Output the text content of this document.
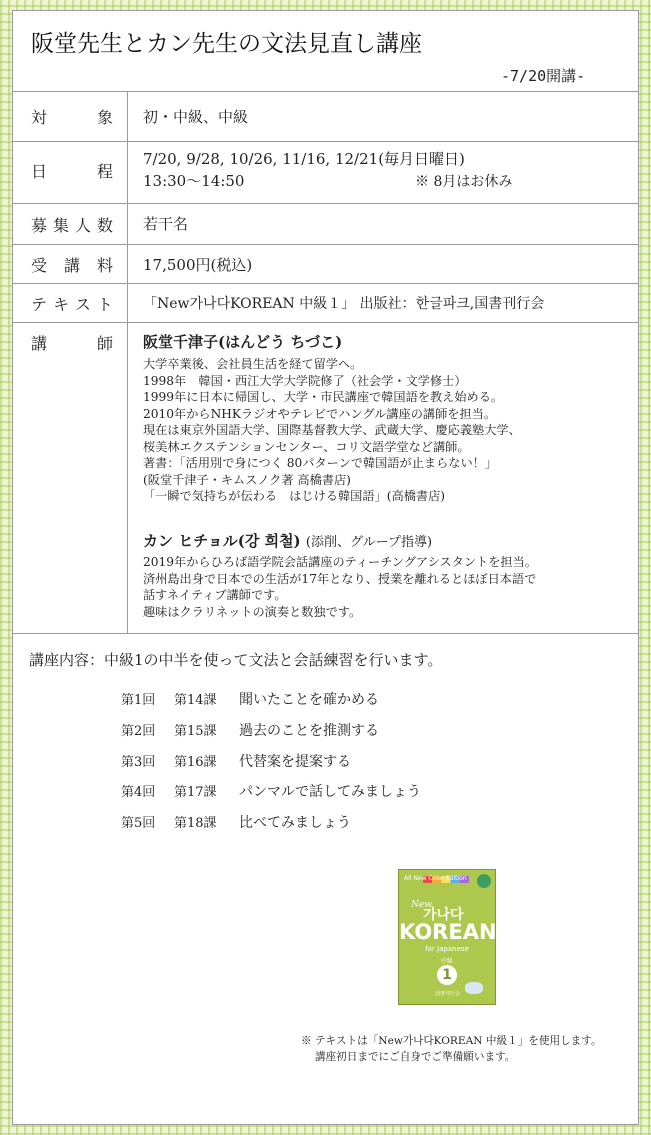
阪堂先生とカン先生の文法見直し講座
-7/20開講-
対　象 初・中級、中級
日　程
7/20, 9/28, 10/26, 11/16, 12/21(毎月日曜日)
13:30〜14:50	※ 8月はお休み
募集人数 若干名
受講料 17,500円(税込)
テキスト 「New가나다KOREAN 中級１」 出版社：한글파크,国書刊行会
講　師 阪堂千津子(はんどう ちづこ)
大学卒業後、会社員生活を経て留学へ。
1998年　韓国・西江大学大学院修了（社会学・文学修士）
1999年に日本に帰国し、大学・市民講座で韓国語を教え始める。
2010年からNHKラジオやテレビでハングル講座の講師を担当。
現在は東京外国語大学、国際基督教大学、武蔵大学、慶応義塾大学、
桜美林エクステンションセンター、コリ文語学堂など講師。
著書：「活用別で身につく 80パターンで韓国語が止まらない！」
(阪堂千津子・キムスノク著 高橋書店)
「一瞬で気持ちが伝わる　はじける韓国語」(高橋書店)
カン ヒチョル(강 희철) (添削、グループ指導)
2019年からひろば語学院会話講座のティーチングアシスタントを担当。
済州島出身で日本での生活が17年となり、授業を離れるとほぼ日本語で
話すネイティブ講師です。
趣味はクラリネットの演奏と数独です。
講座内容：中級1の中半を使って文法と会話練習を行います。
第1回 第14課 聞いたことを確かめる
第2回 第15課 過去のことを推測する
第3回 第16課 代替案を提案する
第4回 第17課 パンマルで話してみましょう
第5回 第18課 比べてみましょう
All New Color Edition
New
가나다
KOREAN
for Japanese
中級
1
国書刊行会
※ テキストは「New가나다KOREAN 中級１」を使用します。
　 講座初日までにご自身でご準備願います。
